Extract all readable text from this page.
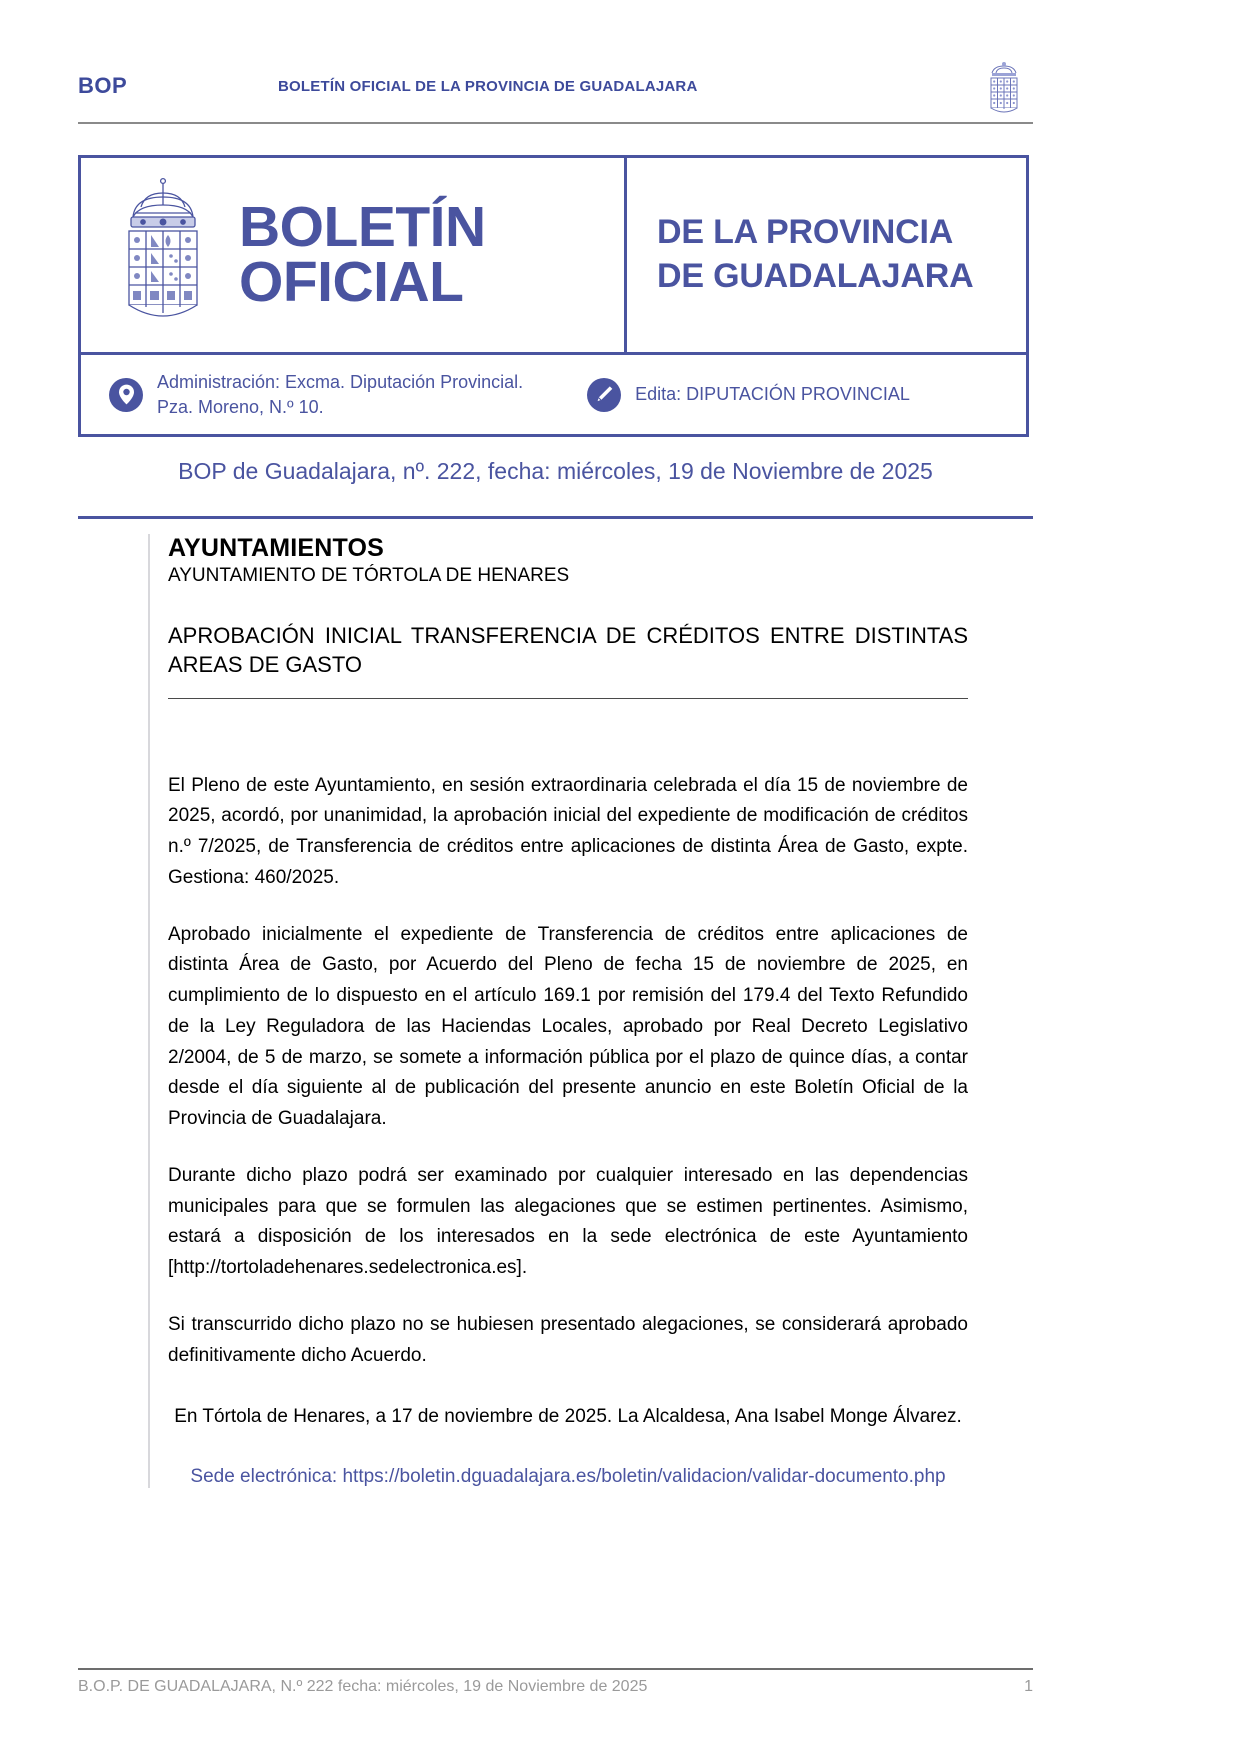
BOP	BOLETÍN OFICIAL DE LA PROVINCIA DE GUADALAJARA
BOLETÍN
OFICIAL
DE LA PROVINCIA
DE GUADALAJARA
Administración: Excma. Diputación Provincial.
Pza. Moreno, N.º 10.
Edita: DIPUTACIÓN PROVINCIAL
BOP de Guadalajara, nº. 222, fecha: miércoles, 19 de Noviembre de 2025
AYUNTAMIENTOS
AYUNTAMIENTO DE TÓRTOLA DE HENARES
APROBACIÓN INICIAL TRANSFERENCIA DE CRÉDITOS ENTRE DISTINTAS AREAS DE GASTO

El Pleno de este Ayuntamiento, en sesión extraordinaria celebrada el día 15 de noviembre de 2025, acordó, por unanimidad, la aprobación inicial del expediente de modificación de créditos n.º 7/2025, de Transferencia de créditos entre aplicaciones de distinta Área de Gasto, expte. Gestiona: 460/2025.

Aprobado inicialmente el expediente de Transferencia de créditos entre aplicaciones de distinta Área de Gasto, por Acuerdo del Pleno de fecha 15 de noviembre de 2025, en cumplimiento de lo dispuesto en el artículo 169.1 por remisión del 179.4 del Texto Refundido de la Ley Reguladora de las Haciendas Locales, aprobado por Real Decreto Legislativo 2/2004, de 5 de marzo, se somete a información pública por el plazo de quince días, a contar desde el día siguiente al de publicación del presente anuncio en este Boletín Oficial de la Provincia de Guadalajara.

Durante dicho plazo podrá ser examinado por cualquier interesado en las dependencias municipales para que se formulen las alegaciones que se estimen pertinentes. Asimismo, estará a disposición de los interesados en la sede electrónica de este Ayuntamiento [http://tortoladehenares.sedelectronica.es].

Si transcurrido dicho plazo no se hubiesen presentado alegaciones, se considerará aprobado definitivamente dicho Acuerdo.

En Tórtola de Henares, a 17 de noviembre de 2025. La Alcaldesa, Ana Isabel Monge Álvarez.

Sede electrónica: https://boletin.dguadalajara.es/boletin/validacion/validar-documento.php

B.O.P. DE GUADALAJARA, N.º 222 fecha: miércoles, 19 de Noviembre de 2025	1
